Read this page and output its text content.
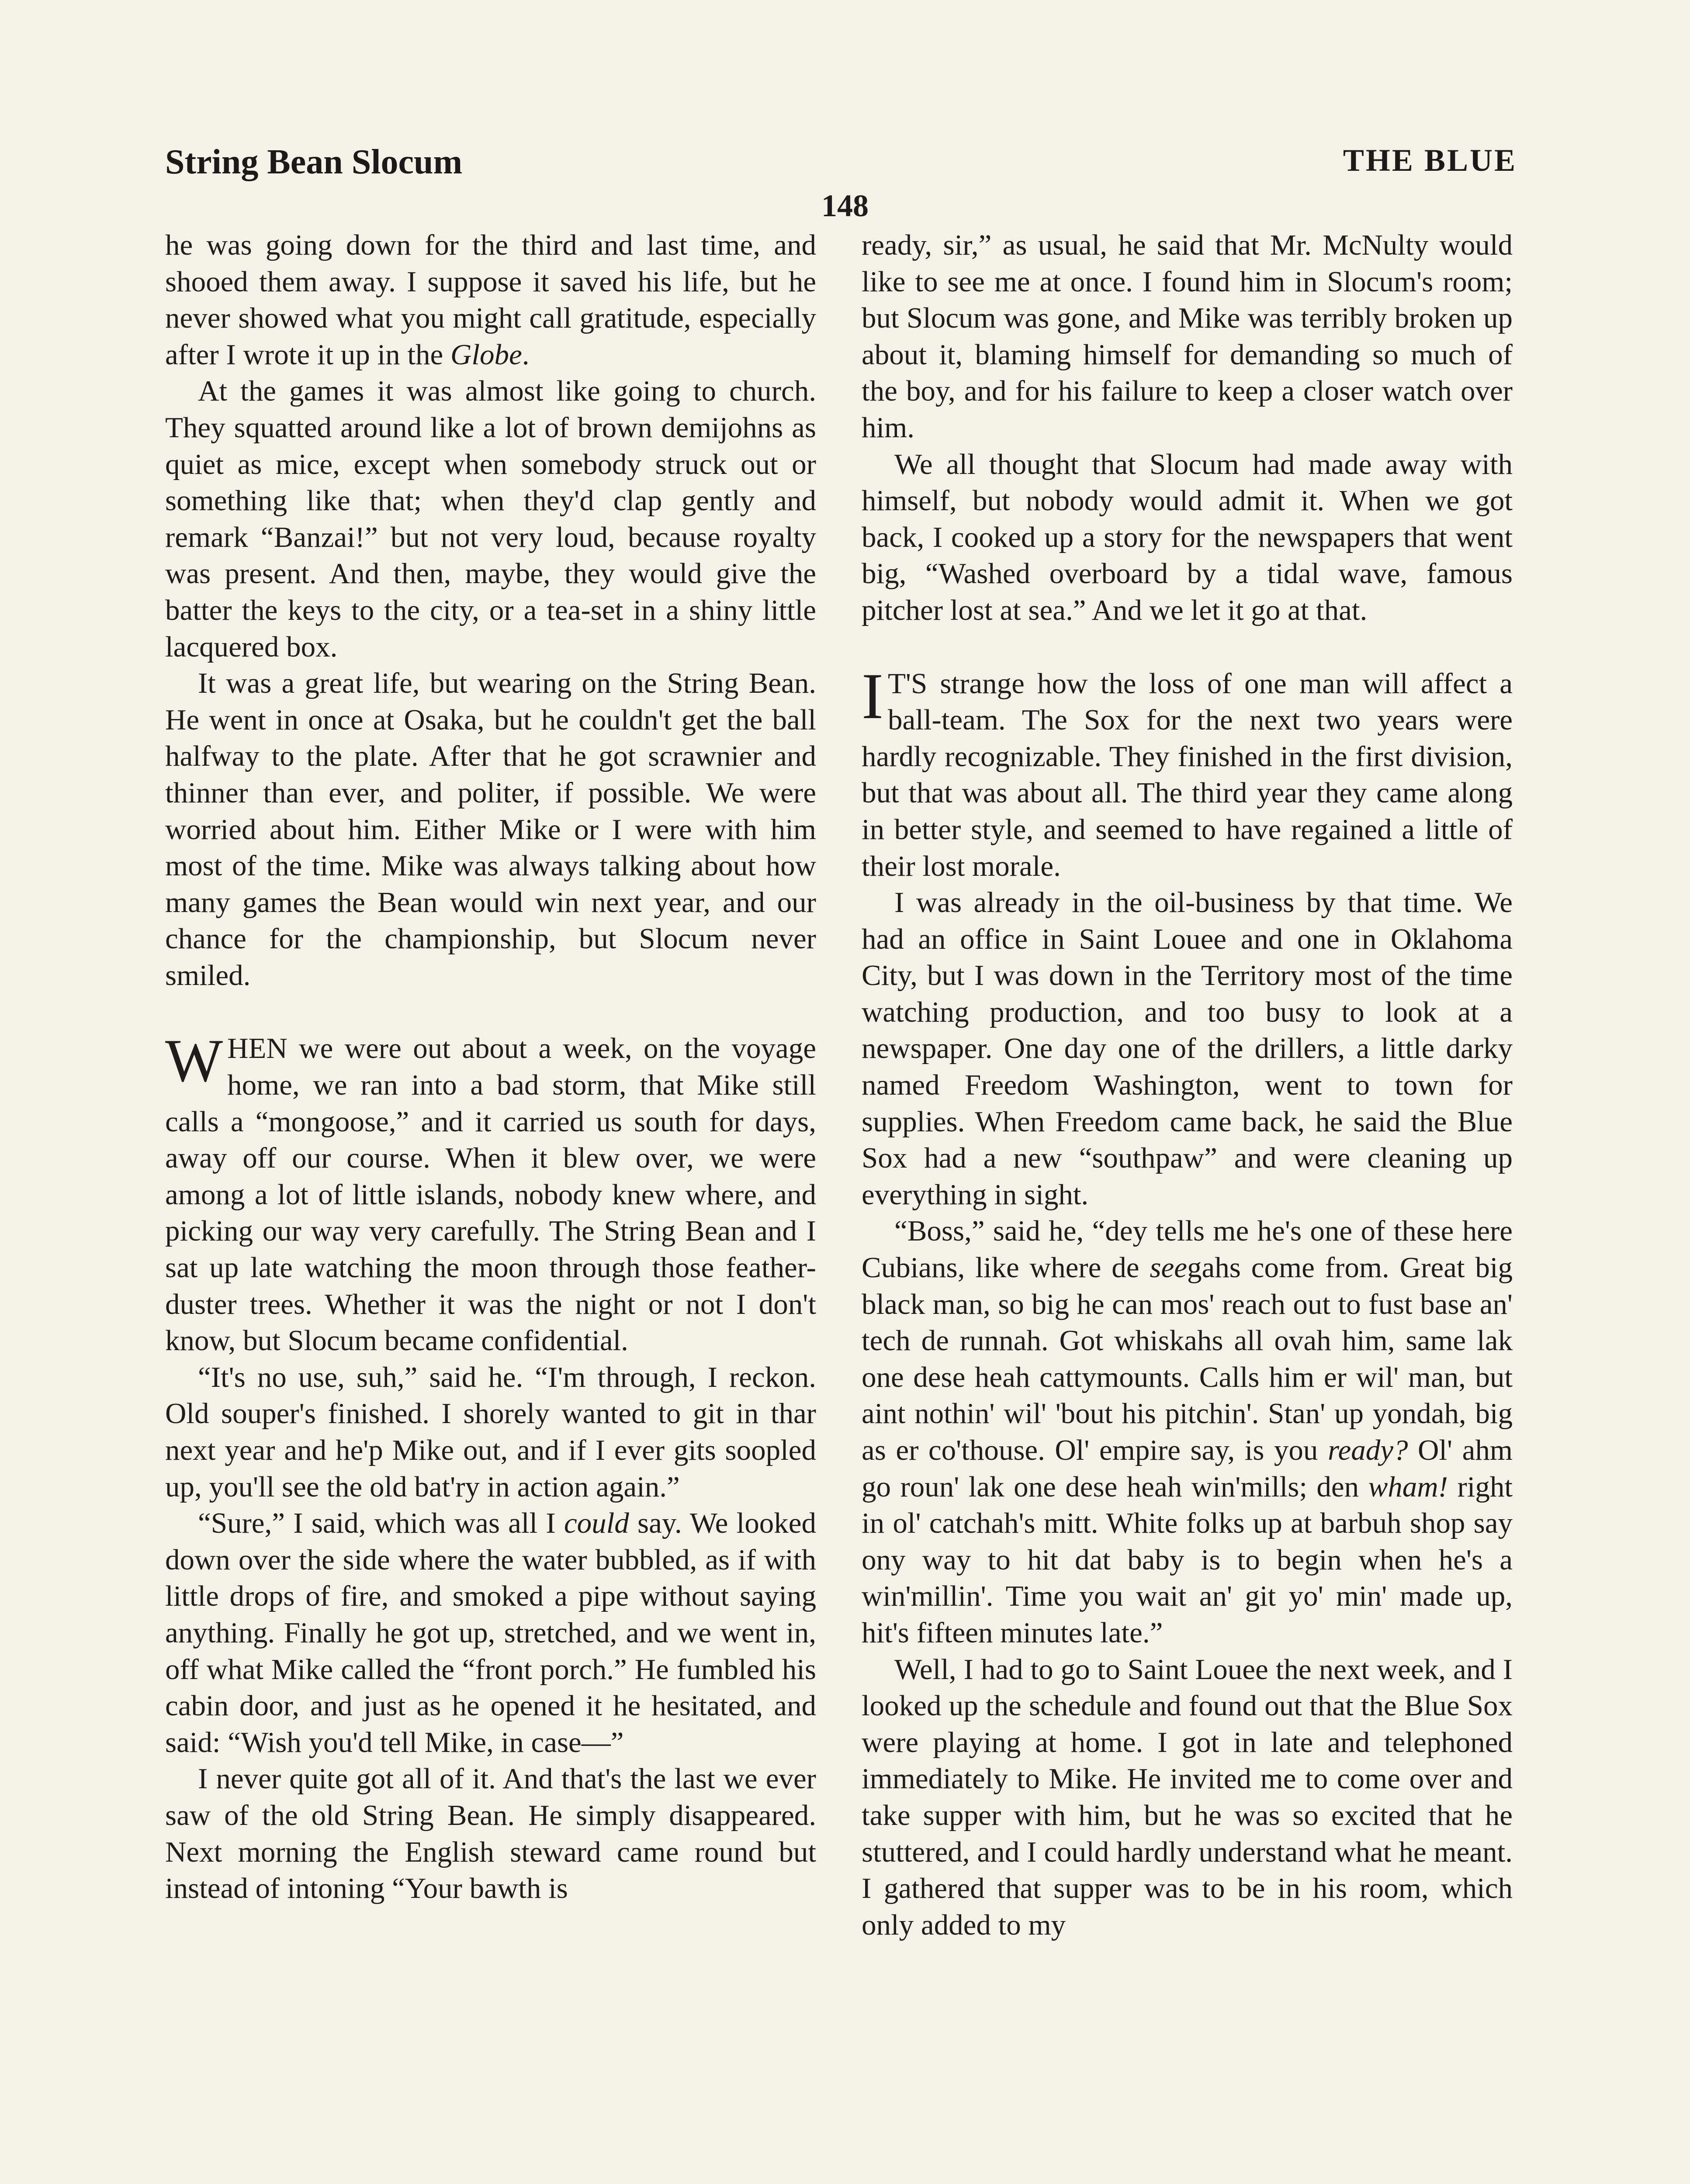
String Bean Slocum	THE BLUE
148

he was going down for the third and last time, and shooed them away. I suppose it saved his life, but he never showed what you might call gratitude, especially after I wrote it up in the Globe.

At the games it was almost like going to church. They squatted around like a lot of brown demijohns as quiet as mice, except when somebody struck out or something like that; when they'd clap gently and remark “Banzai!” but not very loud, because royalty was present. And then, maybe, they would give the batter the keys to the city, or a tea-set in a shiny little lacquered box.

It was a great life, but wearing on the String Bean. He went in once at Osaka, but he couldn't get the ball halfway to the plate. After that he got scrawnier and thinner than ever, and politer, if possible. We were worried about him. Either Mike or I were with him most of the time. Mike was always talking about how many games the Bean would win next year, and our chance for the championship, but Slocum never smiled.

WHEN we were out about a week, on the voyage home, we ran into a bad storm, that Mike still calls a “mongoose,” and it carried us south for days, away off our course. When it blew over, we were among a lot of little islands, nobody knew where, and picking our way very carefully. The String Bean and I sat up late watching the moon through those feather-duster trees. Whether it was the night or not I don't know, but Slocum became confidential.

“It's no use, suh,” said he. “I'm through, I reckon. Old souper's finished. I shorely wanted to git in thar next year and he'p Mike out, and if I ever gits soopled up, you'll see the old bat'ry in action again.”

“Sure,” I said, which was all I could say. We looked down over the side where the water bubbled, as if with little drops of fire, and smoked a pipe without saying anything. Finally he got up, stretched, and we went in, off what Mike called the “front porch.” He fumbled his cabin door, and just as he opened it he hesitated, and said: “Wish you'd tell Mike, in case—”

I never quite got all of it. And that's the last we ever saw of the old String Bean. He simply disappeared. Next morning the English steward came round but instead of intoning “Your bawth is

ready, sir,” as usual, he said that Mr. McNulty would like to see me at once. I found him in Slocum's room; but Slocum was gone, and Mike was terribly broken up about it, blaming himself for demanding so much of the boy, and for his failure to keep a closer watch over him.

We all thought that Slocum had made away with himself, but nobody would admit it. When we got back, I cooked up a story for the newspapers that went big, “Washed overboard by a tidal wave, famous pitcher lost at sea.” And we let it go at that.

I T'S strange how the loss of one man will affect a ball-team. The Sox for the next two years were hardly recognizable. They finished in the first division, but that was about all. The third year they came along in better style, and seemed to have regained a little of their lost morale.

I was already in the oil-business by that time. We had an office in Saint Louee and one in Oklahoma City, but I was down in the Territory most of the time watching production, and too busy to look at a newspaper. One day one of the drillers, a little darky named Freedom Washington, went to town for supplies. When Freedom came back, he said the Blue Sox had a new “southpaw” and were cleaning up everything in sight.

“Boss,” said he, “dey tells me he's one of these here Cubians, like where de seegahs come from. Great big black man, so big he can mos' reach out to fust base an' tech de runnah. Got whiskahs all ovah him, same lak one dese heah cattymounts. Calls him er wil' man, but aint nothin' wil' 'bout his pitchin'. Stan' up yondah, big as er co'thouse. Ol' empire say, is you ready? Ol' ahm go roun' lak one dese heah win'mills; den wham! right in ol' catchah's mitt. White folks up at barbuh shop say ony way to hit dat baby is to begin when he's a win'millin'. Time you wait an' git yo' min' made up, hit's fifteen minutes late.”

Well, I had to go to Saint Louee the next week, and I looked up the schedule and found out that the Blue Sox were playing at home. I got in late and telephoned immediately to Mike. He invited me to come over and take supper with him, but he was so excited that he stuttered, and I could hardly understand what he meant. I gathered that supper was to be in his room, which only added to my
